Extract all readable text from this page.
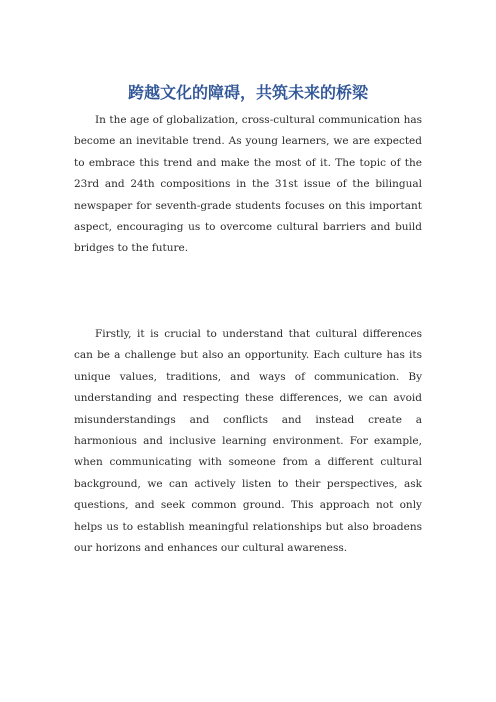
跨越文化的障碍，共筑未来的桥梁

In the age of globalization, cross-cultural communication has become an inevitable trend. As young learners, we are expected to embrace this trend and make the most of it. The topic of the 23rd and 24th compositions in the 31st issue of the bilingual newspaper for seventh-grade students focuses on this important aspect, encouraging us to overcome cultural barriers and build bridges to the future.

Firstly, it is crucial to understand that cultural differences can be a challenge but also an opportunity. Each culture has its unique values, traditions, and ways of communication. By understanding and respecting these differences, we can avoid misunderstandings and conflicts and instead create a harmonious and inclusive learning environment. For example, when communicating with someone from a different cultural background, we can actively listen to their perspectives, ask questions, and seek common ground. This approach not only helps us to establish meaningful relationships but also broadens our horizons and enhances our cultural awareness.
